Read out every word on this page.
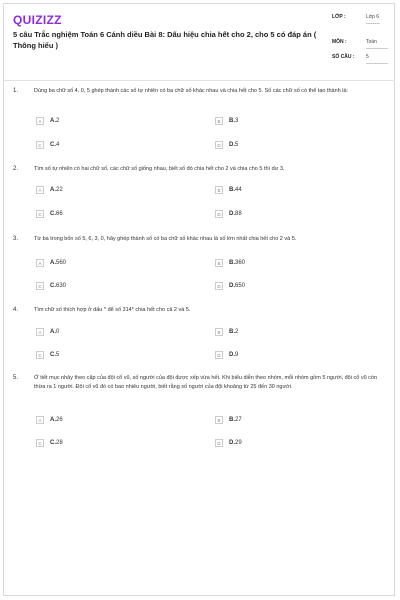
QUIZIZZ
5 câu Trắc nghiệm Toán 6 Cánh diều Bài 8: Dấu hiệu chia hết cho 2, cho 5 có đáp án ( Thông hiểu )
LỚP :	Lớp 6
MÔN :	Toán
SỐ CÂU : 5
1.	Dùng ba chữ số 4, 0, 5 ghép thành các số tự nhiên có ba chữ số khác nhau và chia hết cho 5. Số các chữ số có thể tạo thành là:
A	A.2	B	B.3
C	C.4	D	D.5
2.	Tìm số tự nhiên có hai chữ số, các chữ số giống nhau, biết số đó chia hết cho 2 và chia cho 5 thì dư 3.
A	A.22	B	B.44
C	C.66	D	D.88
3.	Từ ba trong bốn số 5, 6, 3, 0, hãy ghép thành số có ba chữ số khác nhau là số lớn nhất chia hết cho 2 và 5.
A	A.560	B	B.360
C	C.630	D	D.650
4.	Tìm chữ số thích hợp ở dấu * để số 314* chia hết cho cả 2 và 5.
A	A.0	B	B.2
C	C.5	D	D.9
5.	Ở tiết mục nhảy theo cặp của đội cổ vũ, số người của đội được xếp vừa hết. Khi biểu diễn theo nhóm, mỗi nhóm gồm 5 người, đội cổ vũ còn thừa ra 1 người. Đội cổ vũ đó có bao nhiêu người, biết rằng số người của đội khoảng từ 25 đến 30 người.
A	A.26	B	B.27
C	C.28	D	D.29
